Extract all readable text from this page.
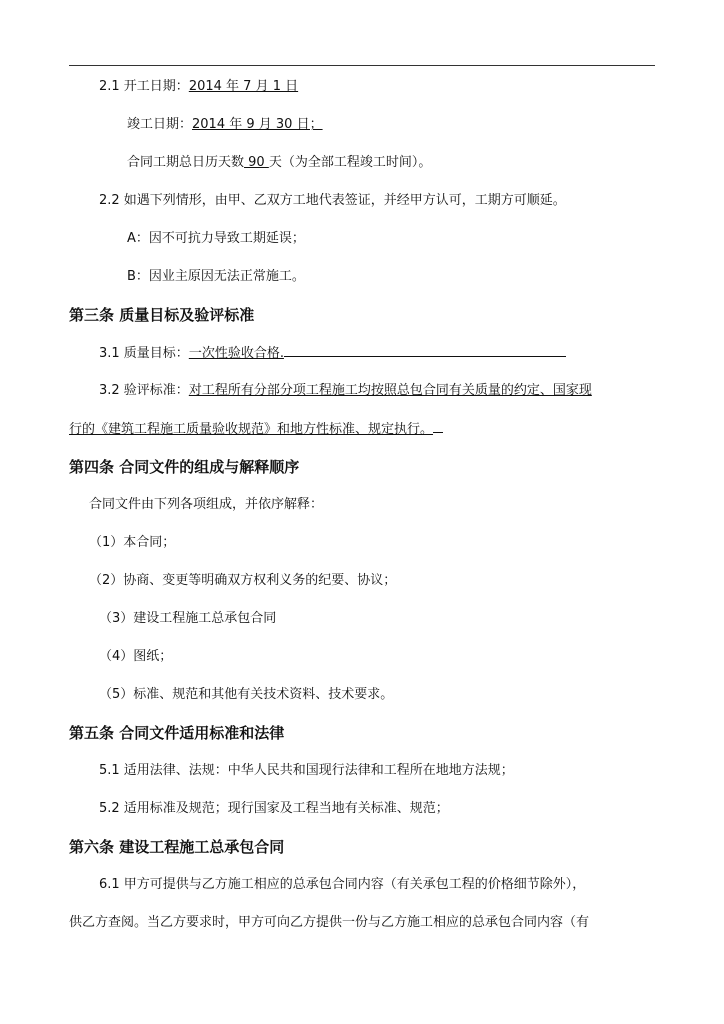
2.1 开工日期：2014 年 7 月 1 日
竣工日期：2014 年 9 月 30 日；
合同工期总日历天数 90 天（为全部工程竣工时间）。
2.2 如遇下列情形，由甲、乙双方工地代表签证，并经甲方认可，工期方可顺延。
A：因不可抗力导致工期延误；
B：因业主原因无法正常施工。
第三条 质量目标及验评标准
3.1 质量目标：一次性验收合格.
3.2 验评标准：对工程所有分部分项工程施工均按照总包合同有关质量的约定、国家现
行的《建筑工程施工质量验收规范》和地方性标准、规定执行。
第四条 合同文件的组成与解释顺序
合同文件由下列各项组成，并依序解释：
（1）本合同；
（2）协商、变更等明确双方权利义务的纪要、协议；
（3）建设工程施工总承包合同
（4）图纸；
（5）标准、规范和其他有关技术资料、技术要求。
第五条 合同文件适用标准和法律
5.1 适用法律、法规：中华人民共和国现行法律和工程所在地地方法规；
5.2 适用标准及规范；现行国家及工程当地有关标准、规范；
第六条 建设工程施工总承包合同
6.1 甲方可提供与乙方施工相应的总承包合同内容（有关承包工程的价格细节除外），
供乙方查阅。当乙方要求时，甲方可向乙方提供一份与乙方施工相应的总承包合同内容（有
